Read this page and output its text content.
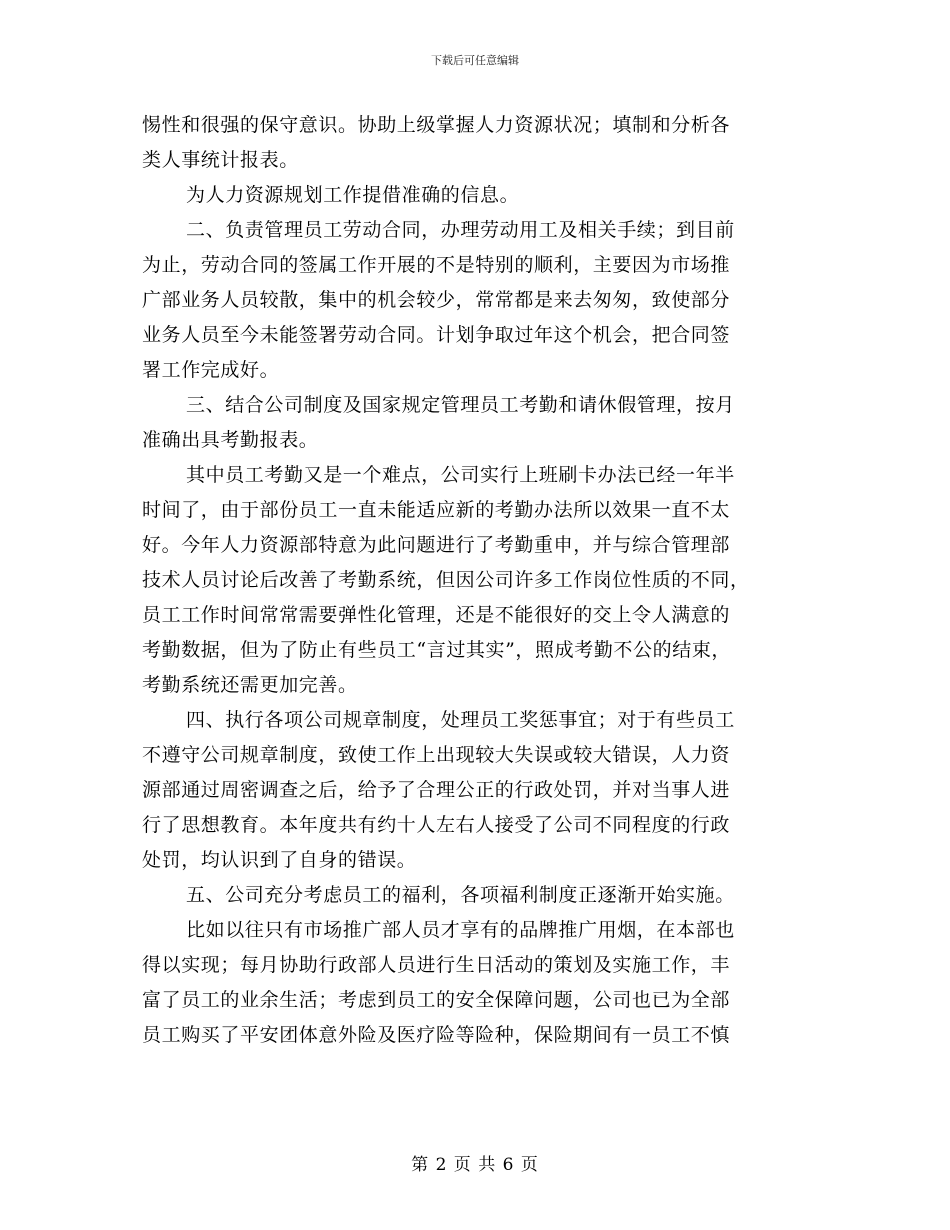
下载后可任意编辑
惕性和很强的保守意识。协助上级掌握人力资源状况；填制和分析各
类人事统计报表。
为人力资源规划工作提借准确的信息。
二、负责管理员工劳动合同，办理劳动用工及相关手续；到目前
为止，劳动合同的签属工作开展的不是特别的顺利，主要因为市场推
广部业务人员较散，集中的机会较少，常常都是来去匆匆，致使部分
业务人员至今未能签署劳动合同。计划争取过年这个机会，把合同签
署工作完成好。
三、结合公司制度及国家规定管理员工考勤和请休假管理，按月
准确出具考勤报表。
其中员工考勤又是一个难点，公司实行上班刷卡办法已经一年半
时间了，由于部份员工一直未能适应新的考勤办法所以效果一直不太
好。今年人力资源部特意为此问题进行了考勤重申，并与综合管理部
技术人员讨论后改善了考勤系统，但因公司许多工作岗位性质的不同，
员工工作时间常常需要弹性化管理，还是不能很好的交上令人满意的
考勤数据，但为了防止有些员工“言过其实”，照成考勤不公的结束，
考勤系统还需更加完善。
四、执行各项公司规章制度，处理员工奖惩事宜；对于有些员工
不遵守公司规章制度，致使工作上出现较大失误或较大错误，人力资
源部通过周密调查之后，给予了合理公正的行政处罚，并对当事人进
行了思想教育。本年度共有约十人左右人接受了公司不同程度的行政
处罚，均认识到了自身的错误。
五、公司充分考虑员工的福利，各项福利制度正逐渐开始实施。
比如以往只有市场推广部人员才享有的品牌推广用烟，在本部也
得以实现；每月协助行政部人员进行生日活动的策划及实施工作，丰
富了员工的业余生活；考虑到员工的安全保障问题，公司也已为全部
员工购买了平安团体意外险及医疗险等险种，保险期间有一员工不慎
第 2 页 共 6 页
